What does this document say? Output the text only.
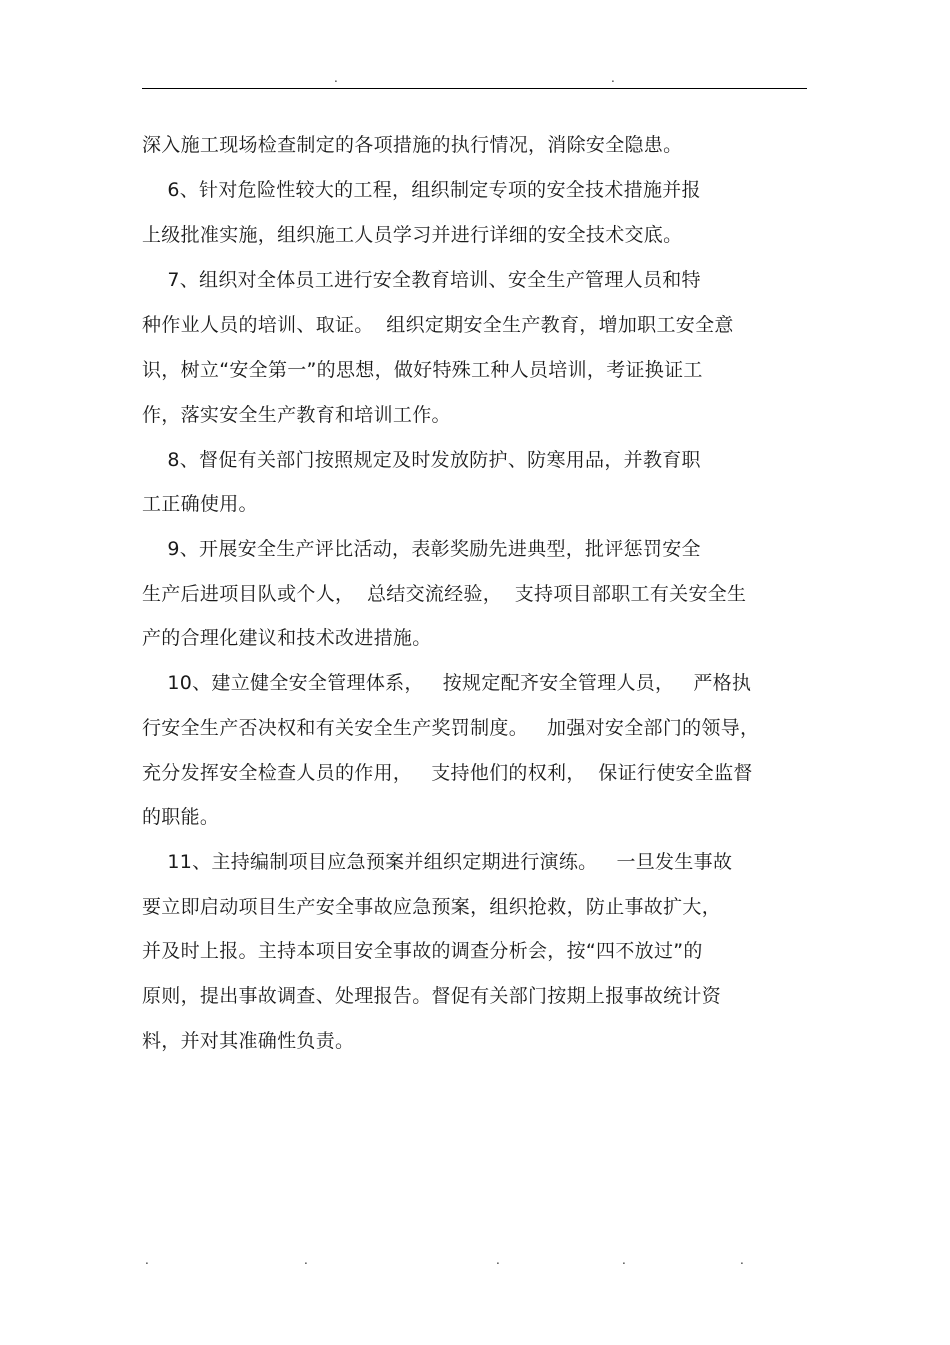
.	.
深入施工现场检查制定的各项措施的执行情况，消除安全隐患。
6、针对危险性较大的工程，组织制定专项的安全技术措施并报
上级批准实施，组织施工人员学习并进行详细的安全技术交底。
7、组织对全体员工进行安全教育培训、安全生产管理人员和特
种作业人员的培训、取证。  组织定期安全生产教育，增加职工安全意
识，树立“安全第一”的思想，做好特殊工种人员培训，考证换证工
作，落实安全生产教育和培训工作。
8、督促有关部门按照规定及时发放防护、防寒用品，并教育职
工正确使用。
9、开展安全生产评比活动，表彰奖励先进典型，批评惩罚安全
生产后进项目队或个人，  总结交流经验，  支持项目部职工有关安全生
产的合理化建议和技术改进措施。
10、建立健全安全管理体系，   按规定配齐安全管理人员，   严格执
行安全生产否决权和有关安全生产奖罚制度。   加强对安全部门的领导，
充分发挥安全检查人员的作用，   支持他们的权利，  保证行使安全监督
的职能。
11、主持编制项目应急预案并组织定期进行演练。   一旦发生事故
要立即启动项目生产安全事故应急预案，组织抢救，防止事故扩大，
并及时上报。主持本项目安全事故的调查分析会，按“四不放过”的
原则，提出事故调查、处理报告。督促有关部门按期上报事故统计资
料，并对其准确性负责。
.	.	.	.	.
